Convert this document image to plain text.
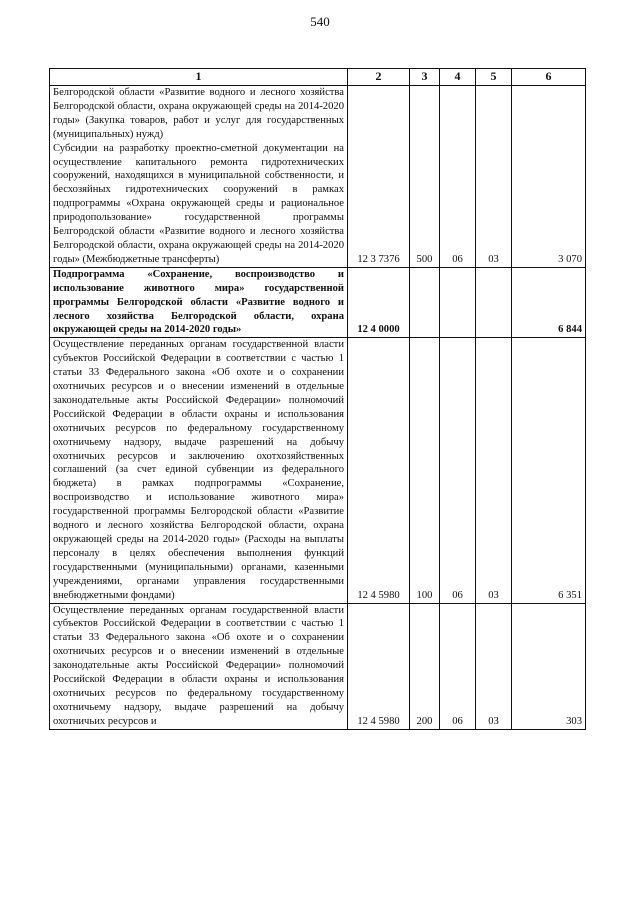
540
1	2	3	4	5	6

Белгородской области «Развитие водного и лесного хозяйства Белгородской области, охрана окружающей среды на 2014-2020 годы» (Закупка товаров, работ и услуг для государственных (муниципальных) нужд)
Субсидии на разработку проектно-сметной документации на осуществление капитального ремонта гидротехнических сооружений, находящихся в муниципальной собственности, и бесхозяйных гидротехнических сооружений в рамках подпрограммы «Охрана окружающей среды и рациональное природопользование» государственной программы Белгородской области «Развитие водного и лесного хозяйства Белгородской области, охрана окружающей среды на 2014-2020 годы» (Межбюджетные трансферты)	12 3 7376	500	06	03	3 070

Подпрограмма «Сохранение, воспроизводство и использование животного мира» государственной программы Белгородской области «Развитие водного и лесного хозяйства Белгородской области, охрана окружающей среды на 2014-2020 годы»	12 4 0000				6 844

Осуществление переданных органам государственной власти субъектов Российской Федерации в соответствии с частью 1 статьи 33 Федерального закона «Об охоте и о сохранении охотничьих ресурсов и о внесении изменений в отдельные законодательные акты Российской Федерации» полномочий Российской Федерации в области охраны и использования охотничьих ресурсов по федеральному государственному охотничьему надзору, выдаче разрешений на добычу охотничьих ресурсов и заключению охотхозяйственных соглашений (за счет единой субвенции из федерального бюджета) в рамках подпрограммы «Сохранение, воспроизводство и использование животного мира» государственной программы Белгородской области «Развитие водного и лесного хозяйства Белгородской области, охрана окружающей среды на 2014-2020 годы» (Расходы на выплаты персоналу в целях обеспечения выполнения функций государственными (муниципальными) органами, казенными учреждениями, органами управления государственными внебюджетными фондами)	12 4 5980	100	06	03	6 351

Осуществление переданных органам государственной власти субъектов Российской Федерации в соответствии с частью 1 статьи 33 Федерального закона «Об охоте и о сохранении охотничьих ресурсов и о внесении изменений в отдельные законодательные акты Российской Федерации» полномочий Российской Федерации в области охраны и использования охотничьих ресурсов по федеральному государственному охотничьему надзору, выдаче разрешений на добычу охотничьих ресурсов и	12 4 5980	200	06	03	303
